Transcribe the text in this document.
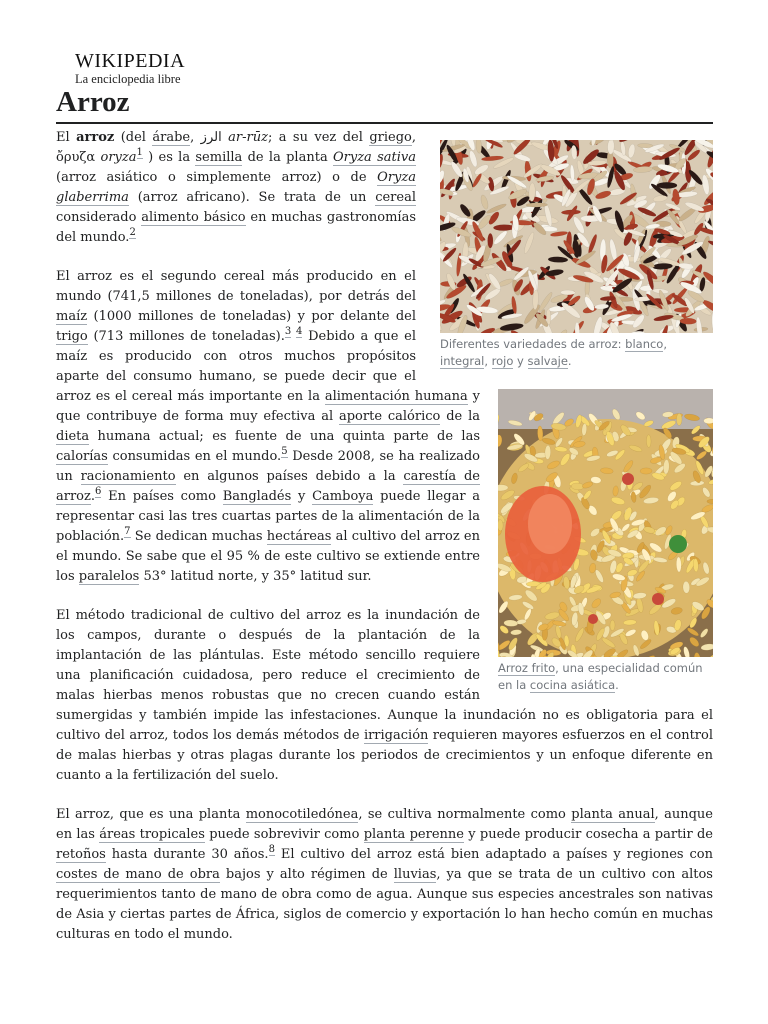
WIKIPEDIA
La enciclopedia libre
Arroz
Diferentes variedades de arroz: blanco, integral, rojo y salvaje.

El arroz (del árabe, الرز ar-rūz; a su vez del griego, ὄρυζα oryza$^1$ ) es la semilla de la planta Oryza sativa (arroz asiático o simplemente arroz) o de Oryza glaberrima (arroz africano). Se trata de un cereal considerado alimento básico en muchas gastronomías del mundo.$^2$

El arroz es el segundo cereal más producido en el mundo (741,5 millones de toneladas), por detrás del maíz (1000 millones de toneladas) y por delante del trigo (713 millones de toneladas).$^{3 4}$ Debido a que el maíz es producido con otros muchos propósitos aparte del consumo humano, se puede decir que el arroz es el cereal más importante en la
Arroz frito, una especialidad común en la cocina asiática.
alimentación humana y que contribuye de forma muy efectiva al aporte calórico de la dieta humana actual; es fuente de una quinta parte de las calorías consumidas en el mundo.$^5$ Desde 2008, se ha realizado un racionamiento en algunos países debido a la carestía de arroz.$^6$ En países como Bangladés y Camboya puede llegar a representar casi las tres cuartas partes de la alimentación de la población.$^7$ Se dedican muchas hectáreas al cultivo del arroz en el mundo. Se sabe que el 95 % de este cultivo se extiende entre los paralelos 53° latitud norte, y 35° latitud sur.

El método tradicional de cultivo del arroz es la inundación de los campos, durante o después de la plantación de la implantación de las plántulas. Este método sencillo requiere una planificación cuidadosa, pero reduce el crecimiento de malas hierbas menos robustas que no crecen cuando están sumergidas y también impide las infestaciones. Aunque la inundación no es obligatoria para el cultivo del arroz, todos los demás métodos de irrigación requieren mayores esfuerzos en el control de malas hierbas y otras plagas durante los periodos de crecimientos y un enfoque diferente en cuanto a la fertilización del suelo.

El arroz, que es una planta monocotiledónea, se cultiva normalmente como planta anual, aunque en las áreas tropicales puede sobrevivir como planta perenne y puede producir cosecha a partir de retoños hasta durante 30 años.$^8$ El cultivo del arroz está bien adaptado a países y regiones con costes de mano de obra bajos y alto régimen de lluvias, ya que se trata de un cultivo con altos requerimientos tanto de mano de obra como de agua. Aunque sus especies ancestrales son nativas de Asia y ciertas partes de África, siglos de comercio y exportación lo han hecho común en muchas culturas en todo el mundo.
